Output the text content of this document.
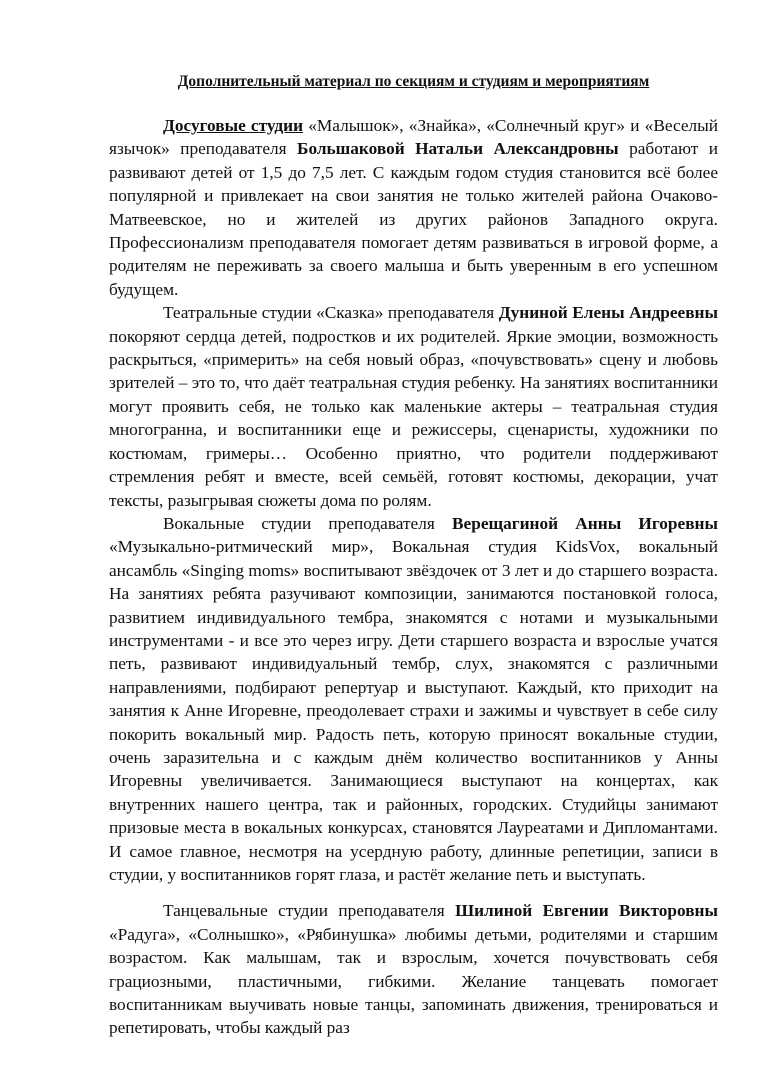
Дополнительный материал по секциям и студиям и мероприятиям

Досуговые студии «Малышок», «Знайка», «Солнечный круг» и «Веселый язычок» преподавателя Большаковой Натальи Александровны работают и развивают детей от 1,5 до 7,5 лет. С каждым годом студия становится всё более популярной и привлекает на свои занятия не только жителей района Очаково-Матвеевское, но и жителей из других районов Западного округа. Профессионализм преподавателя помогает детям развиваться в игровой форме, а родителям не переживать за своего малыша и быть уверенным в его успешном будущем.

Театральные студии «Сказка» преподавателя Дуниной Елены Андреевны покоряют сердца детей, подростков и их родителей. Яркие эмоции, возможность раскрыться, «примерить» на себя новый образ, «почувствовать» сцену и любовь зрителей – это то, что даёт театральная студия ребенку. На занятиях воспитанники могут проявить себя, не только как маленькие актеры – театральная студия многогранна, и воспитанники еще и режиссеры, сценаристы, художники по костюмам, гримеры… Особенно приятно, что родители поддерживают стремления ребят и вместе, всей семьёй, готовят костюмы, декорации, учат тексты, разыгрывая сюжеты дома по ролям.

Вокальные студии преподавателя Верещагиной Анны Игоревны «Музыкально-ритмический мир», Вокальная студия KidsVox, вокальный ансамбль «Singing moms» воспитывают звёздочек от 3 лет и до старшего возраста. На занятиях ребята разучивают композиции, занимаются постановкой голоса, развитием индивидуального тембра, знакомятся с нотами и музыкальными инструментами - и все это через игру. Дети старшего возраста и взрослые учатся петь, развивают индивидуальный тембр, слух, знакомятся с различными направлениями, подбирают репертуар и выступают. Каждый, кто приходит на занятия к Анне Игоревне, преодолевает страхи и зажимы и чувствует в себе силу покорить вокальный мир. Радость петь, которую приносят вокальные студии, очень заразительна и с каждым днём количество воспитанников у Анны Игоревны увеличивается. Занимающиеся выступают на концертах, как внутренних нашего центра, так и районных, городских. Студийцы занимают призовые места в вокальных конкурсах, становятся Лауреатами и Дипломантами. И самое главное, несмотря на усердную работу, длинные репетиции, записи в студии, у воспитанников горят глаза, и растёт желание петь и выступать.

Танцевальные студии преподавателя Шилиной Евгении Викторовны «Радуга», «Солнышко», «Рябинушка» любимы детьми, родителями и старшим возрастом. Как малышам, так и взрослым, хочется почувствовать себя грациозными, пластичными, гибкими. Желание танцевать помогает воспитанникам выучивать новые танцы, запоминать движения, тренироваться и репетировать, чтобы каждый раз
